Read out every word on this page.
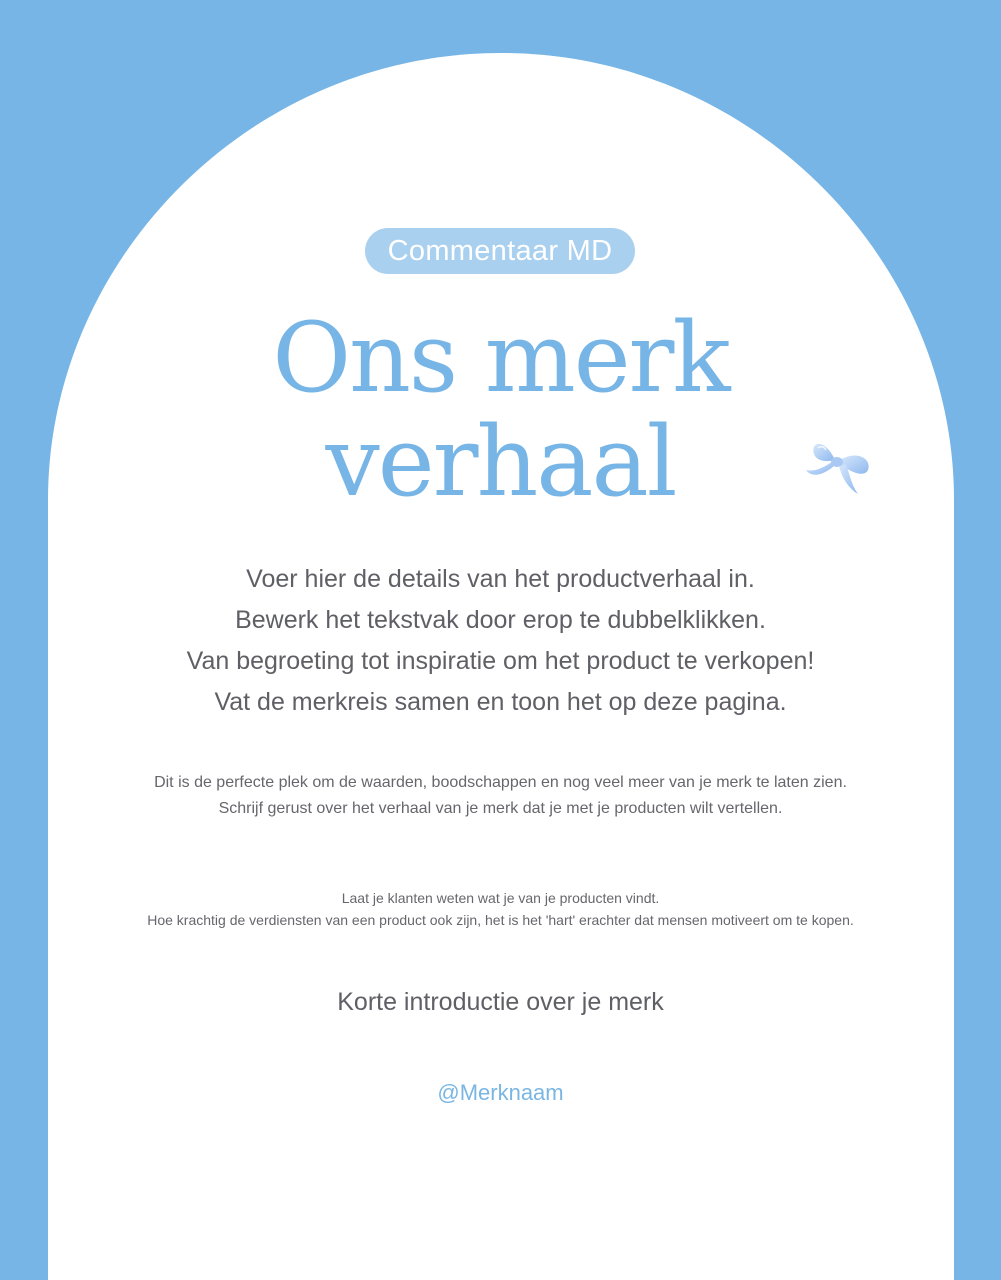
Commentaar MD
Ons merk
verhaal
Voer hier de details van het productverhaal in.
Bewerk het tekstvak door erop te dubbelklikken.
Van begroeting tot inspiratie om het product te verkopen!
Vat de merkreis samen en toon het op deze pagina.
Dit is de perfecte plek om de waarden, boodschappen en nog veel meer van je merk te laten zien.
Schrijf gerust over het verhaal van je merk dat je met je producten wilt vertellen.
Laat je klanten weten wat je van je producten vindt.
Hoe krachtig de verdiensten van een product ook zijn, het is het 'hart' erachter dat mensen motiveert om te kopen.
Korte introductie over je merk
@Merknaam
